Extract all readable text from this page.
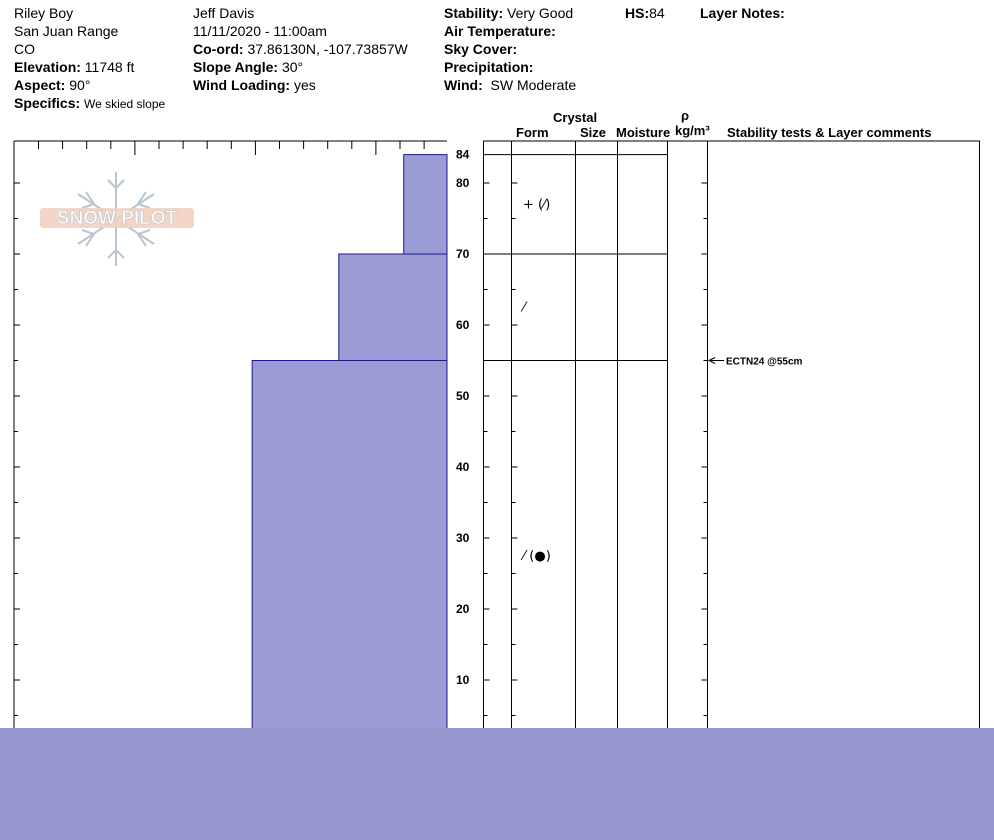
Riley Boy
San Juan Range
CO
Elevation: 11748 ft
Aspect: 90°
Specifics: We skied slope
Jeff Davis
11/11/2020 - 11:00am
Co-ord: 37.86130N, -107.73857W
Slope Angle: 30°
Wind Loading: yes
Stability: Very Good
Air Temperature:
Sky Cover:
Precipitation:
Wind: SW Moderate
HS:84	Layer Notes:
Crystal
Form Size Moisture
ρ
kg/m³ Stability tests & Layer comments
SNOW PILOT
84
10
20
30
40
50
60
70
80
+ (⁄)
⁄
⁄ (●)
ECTN24 @55cm
